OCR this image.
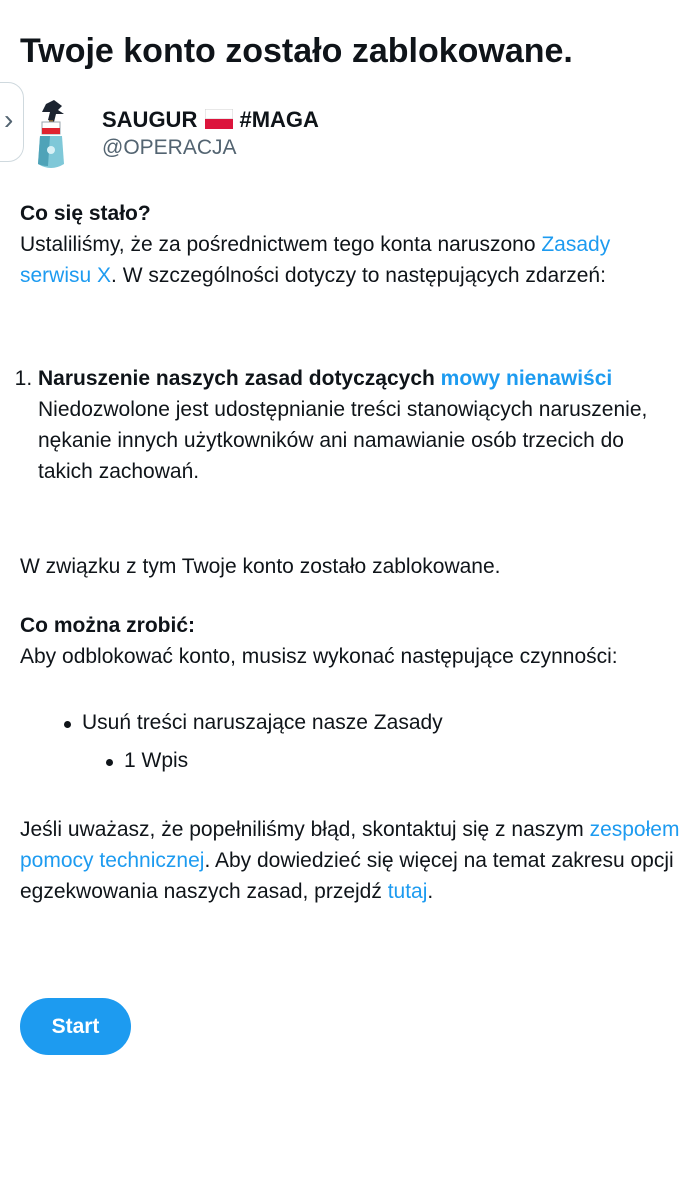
Twoje konto zostało zablokowane.
›	SAUGUR #MAGA
@OPERACJA

Co się stało?

Ustaliliśmy, że za pośrednictwem tego konta naruszono Zasady serwisu X. W szczególności dotyczy to następujących zdarzeń:

1. Naruszenie naszych zasad dotyczących mowy nienawiści
Niedozwolone jest udostępnianie treści stanowiących naruszenie, nękanie innych użytkowników ani namawianie osób trzecich do takich zachowań.

W związku z tym Twoje konto zostało zablokowane.

Co można zrobić:

Aby odblokować konto, musisz wykonać następujące czynności:

Usuń treści naruszające nasze Zasady
1 Wpis

Jeśli uważasz, że popełniliśmy błąd, skontaktuj się z naszym zespołem pomocy technicznej. Aby dowiedzieć się więcej na temat zakresu opcji egzekwowania naszych zasad, przejdź tutaj.

Start
